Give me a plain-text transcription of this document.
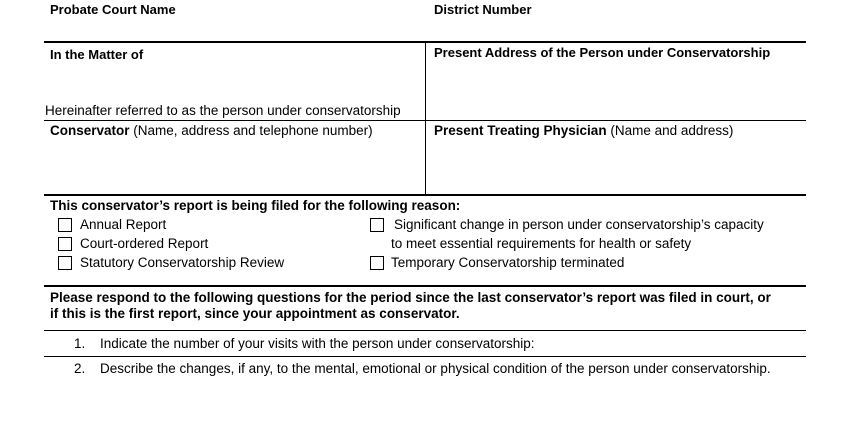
Probate Court Name	District Number
In the Matter of
Hereinafter referred to as the person under conservatorship
Present Address of the Person under Conservatorship
Conservator (Name, address and telephone number)	Present Treating Physician (Name and address)
This conservator’s report is being filed for the following reason:
Annual Report
Court-ordered Report
Statutory Conservatorship Review
Significant change in person under conservatorship’s capacity
to meet essential requirements for health or safety
Temporary Conservatorship terminated
Please respond to the following questions for the period since the last conservator’s report was filed in court, or
if this is the first report, since your appointment as conservator.
1. Indicate the number of your visits with the person under conservatorship:
2. Describe the changes, if any, to the mental, emotional or physical condition of the person under conservatorship.
